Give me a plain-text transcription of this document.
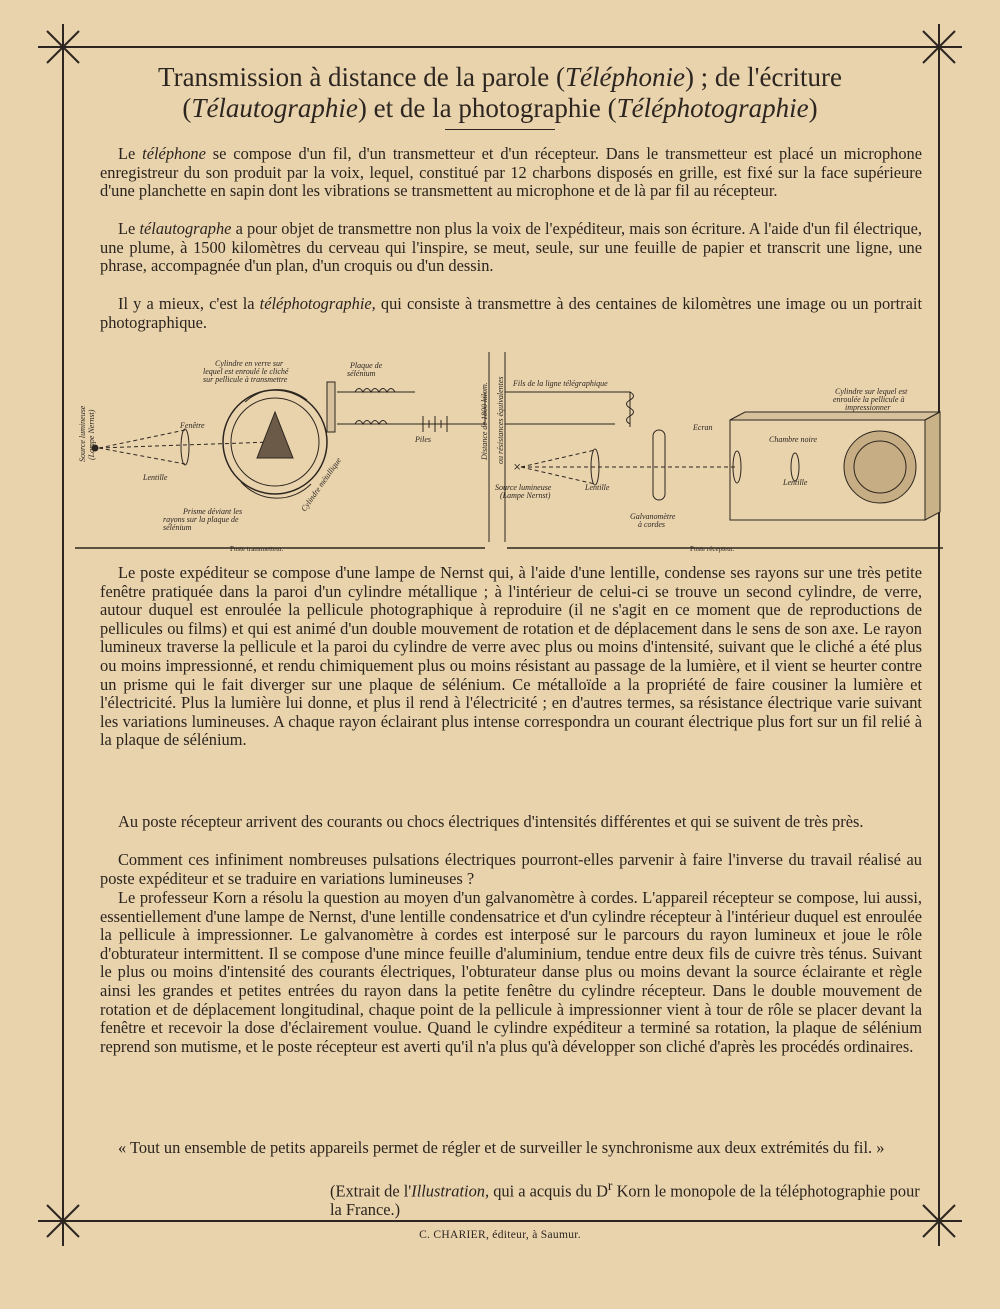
Transmission à distance de la parole (Téléphonie) ; de l'écriture
(Télautographie) et de la photographie (Téléphotographie)
Le téléphone se compose d'un fil, d'un transmetteur et d'un récepteur. Dans le transmetteur est placé un microphone enregistreur du son produit par la voix, lequel, constitué par 12 charbons disposés en grille, est fixé sur la face supérieure d'une planchette en sapin dont les vibrations se transmettent au microphone et de là par fil au récepteur.
Le télautographe a pour objet de transmettre non plus la voix de l'expéditeur, mais son écriture. A l'aide d'un fil électrique, une plume, à 1500 kilomètres du cerveau qui l'inspire, se meut, seule, sur une feuille de papier et transcrit une ligne, une phrase, accompagnée d'un plan, d'un croquis ou d'un dessin.
Il y a mieux, c'est la téléphotographie, qui consiste à transmettre à des centaines de kilomètres une image ou un portrait photographique.
×
Source lumineuse (Lampe Nernst)	Fenêtre
Lentille
Cylindre en verre sur
lequel est enroulé le cliché
sur pellicule à transmettre
Plaque de
sélénium
Piles
Cylindre métallique
Prisme déviant les
rayons sur la plaque de
sélénium
Distance de 1800 kilom. ou résistances équivalentes Fils de la ligne télégraphique
Ecran
Source lumineuse
(Lampe Nernst)
Lentille
Galvanomètre
à cordes
Chambre noire
Lentille
Cylindre sur lequel est
enroulée la pellicule à
impressionner
Poste transmetteur.	Poste récepteur.
Le poste expéditeur se compose d'une lampe de Nernst qui, à l'aide d'une lentille, condense ses rayons sur une très petite fenêtre pratiquée dans la paroi d'un cylindre métallique ; à l'intérieur de celui-ci se trouve un second cylindre, de verre, autour duquel est enroulée la pellicule photographique à reproduire (il ne s'agit en ce moment que de reproductions de pellicules ou films) et qui est animé d'un double mouvement de rotation et de déplacement dans le sens de son axe. Le rayon lumineux traverse la pellicule et la paroi du cylindre de verre avec plus ou moins d'intensité, suivant que le cliché a été plus ou moins impressionné, et rendu chimiquement plus ou moins résistant au passage de la lumière, et il vient se heurter contre un prisme qui le fait diverger sur une plaque de sélénium. Ce métalloïde a la propriété de faire cousiner la lumière et l'électricité. Plus la lumière lui donne, et plus il rend à l'électricité ; en d'autres termes, sa résistance électrique varie suivant les variations lumineuses. A chaque rayon éclairant plus intense correspondra un courant électrique plus fort sur un fil relié à la plaque de sélénium.
Au poste récepteur arrivent des courants ou chocs électriques d'intensités différentes et qui se suivent de très près.
Comment ces infiniment nombreuses pulsations électriques pourront-elles parvenir à faire l'inverse du travail réalisé au poste expéditeur et se traduire en variations lumineuses ?
Le professeur Korn a résolu la question au moyen d'un galvanomètre à cordes. L'appareil récepteur se compose, lui aussi, essentiellement d'une lampe de Nernst, d'une lentille condensatrice et d'un cylindre récepteur à l'intérieur duquel est enroulée la pellicule à impressionner. Le galvanomètre à cordes est interposé sur le parcours du rayon lumineux et joue le rôle d'obturateur intermittent. Il se compose d'une mince feuille d'aluminium, tendue entre deux fils de cuivre très ténus. Suivant le plus ou moins d'intensité des courants électriques, l'obturateur danse plus ou moins devant la source éclairante et règle ainsi les grandes et petites entrées du rayon dans la petite fenêtre du cylindre récepteur. Dans le double mouvement de rotation et de déplacement longitudinal, chaque point de la pellicule à impressionner vient à tour de rôle se placer devant la fenêtre et recevoir la dose d'éclairement voulue. Quand le cylindre expéditeur a terminé sa rotation, la plaque de sélénium reprend son mutisme, et le poste récepteur est averti qu'il n'a plus qu'à développer son cliché d'après les procédés ordinaires.
« Tout un ensemble de petits appareils permet de régler et de surveiller le synchronisme aux deux extrémités du fil. »
(Extrait de l'Illustration, qui a acquis du $D^r$ Korn le monopole de la téléphotographie pour la France.)
C. CHARIER, éditeur, à Saumur.
